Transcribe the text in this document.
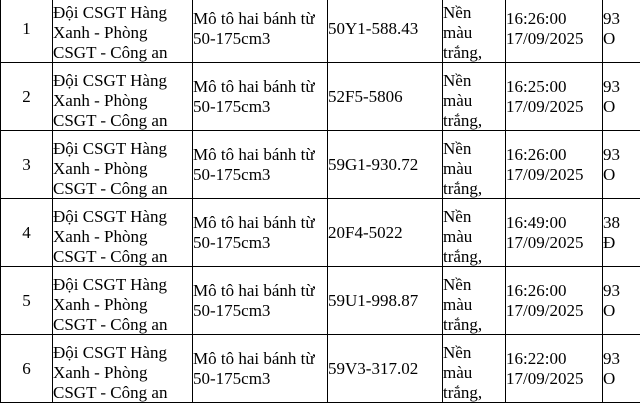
1	Đội CSGT Hàng
Xanh - Phòng
CSGT - Công an	Mô tô hai bánh từ
50-175cm3	50Y1-588.43	Nền
màu
trắng,	16:26:00
17/09/2025	93
O

2	Đội CSGT Hàng
Xanh - Phòng
CSGT - Công an	Mô tô hai bánh từ
50-175cm3	52F5-5806	Nền
màu
trắng,	16:25:00
17/09/2025	93
O

3	Đội CSGT Hàng
Xanh - Phòng
CSGT - Công an	Mô tô hai bánh từ
50-175cm3	59G1-930.72	Nền
màu
trắng,	16:26:00
17/09/2025	93
O

4	Đội CSGT Hàng
Xanh - Phòng
CSGT - Công an	Mô tô hai bánh từ
50-175cm3	20F4-5022	Nền
màu
trắng,	16:49:00
17/09/2025	38
Đ

5	Đội CSGT Hàng
Xanh - Phòng
CSGT - Công an	Mô tô hai bánh từ
50-175cm3	59U1-998.87	Nền
màu
trắng,	16:26:00
17/09/2025	93
O

6	Đội CSGT Hàng
Xanh - Phòng
CSGT - Công an	Mô tô hai bánh từ
50-175cm3	59V3-317.02	Nền
màu
trắng,	16:22:00
17/09/2025	93
O
